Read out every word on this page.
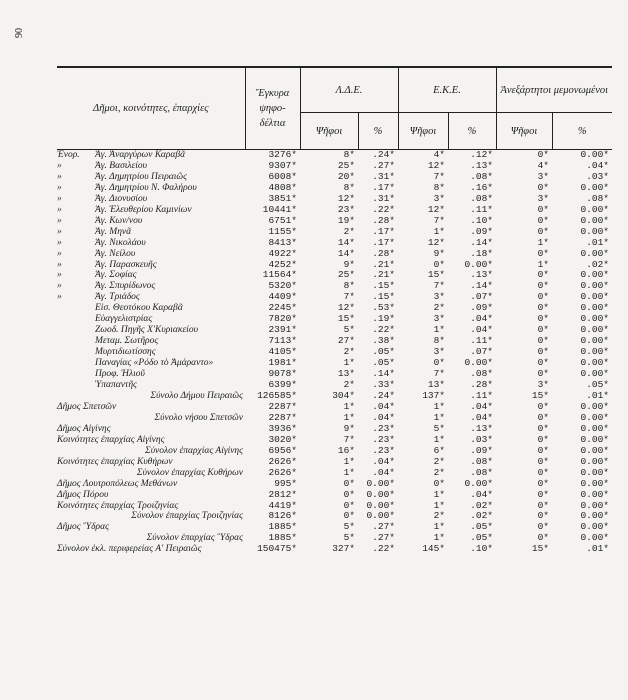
90
Δῆμοι, κοινότητες, ἐπαρχίες	Ἔγκυρα ψηφο-δέλτια	Λ.Δ.Ε.		Ε.Κ.Ε.		Ἀνεξάρτητοι μεμονωμένοι	
		Ψῆφοι	%	Ψῆφοι	%	Ψῆφοι	%
Ἐνορ. Ἁγ. Ἀναργύρων Καραβᾶ	3276*	8*	.24*	4*	.12*	0*	0.00*
» Ἁγ. Βασιλείου	9307*	25*	.27*	12*	.13*	4*	.04*
» Ἁγ. Δημητρίου Πειραιῶς	6008*	20*	.31*	7*	.08*	3*	.03*
» Ἁγ. Δημητρίου Ν. Φαλήρου	4808*	8*	.17*	8*	.16*	0*	0.00*
» Ἁγ. Διονυσίου	3851*	12*	.31*	3*	.08*	3*	.08*
» Ἁγ. Ἐλευθερίου Καμινίων	10441*	23*	.22*	12*	.11*	0*	0.00*
» Ἁγ. Κων/νου	6751*	19*	.28*	7*	.10*	0*	0.00*
» Ἁγ. Μηνᾶ	1155*	2*	.17*	1*	.09*	0*	0.00*
» Ἁγ. Νικολάου	8413*	14*	.17*	12*	.14*	1*	.01*
» Ἁγ. Νείλου	4922*	14*	.28*	9*	.18*	0*	0.00*
» Ἁγ. Παρασκευῆς	4252*	9*	.21*	0*	0.00*	1*	.02*
» Ἁγ. Σοφίας	11564*	25*	.21*	15*	.13*	0*	0.00*
» Ἁγ. Σπυρίδωνος	5320*	8*	.15*	7*	.14*	0*	0.00*
» Ἁγ. Τριάδος	4409*	7*	.15*	3*	.07*	0*	0.00*
Εἰσ. Θεοτόκου Καραβᾶ	2245*	12*	.53*	2*	.09*	0*	0.00*
Εὐαγγελιστρίας	7820*	15*	.19*	3*	.04*	0*	0.00*
Ζωοδ. Πηγῆς Χ'Κυριακείου	2391*	5*	.22*	1*	.04*	0*	0.00*
Μεταμ. Σωτῆρος	7113*	27*	.38*	8*	.11*	0*	0.00*
Μυρτιδιωτίσσης	4105*	2*	.05*	3*	.07*	0*	0.00*
Παναγίας «Ρόδο τὸ Ἀμάραντο»	1981*	1*	.05*	0*	0.00*	0*	0.00*
Προφ. Ἠλιοῦ	9078*	13*	.14*	7*	.08*	0*	0.00*
Ὑπαπαντῆς	6399*	2*	.33*	13*	.28*	3*	.05*
Σύνολο Δήμου Πειραιῶς	126585*	304*	.24*	137*	.11*	15*	.01*
Δῆμος Σπετσῶν	2287*	1*	.04*	1*	.04*	0*	0.00*
Σύνολο νήσου Σπετσῶν	2287*	1*	.04*	1*	.04*	0*	0.00*
Δῆμος Αἰγίνης	3936*	9*	.23*	5*	.13*	0*	0.00*
Κοινότητες ἐπαρχίας Αἰγίνης	3020*	7*	.23*	1*	.03*	0*	0.00*
Σύνολον ἐπαρχίας Αἰγίνης	6956*	16*	.23*	6*	.09*	0*	0.00*
Κοινότητες ἐπαρχίας Κυθήρων	2626*	1*	.04*	2*	.08*	0*	0.00*
Σύνολον ἐπαρχίας Κυθήρων	2626*	1*	.04*	2*	.08*	0*	0.00*
Δῆμος Λουτροπόλεως Μεθάνων	995*	0*	0.00*	0*	0.00*	0*	0.00*
Δῆμος Πόρου	2812*	0*	0.00*	1*	.04*	0*	0.00*
Κοινότητες ἐπαρχίας Τροιζηνίας	4419*	0*	0.00*	1*	.02*	0*	0.00*
Σύνολον ἐπαρχίας Τροιζηνίας	8126*	0*	0.00*	2*	.02*	0*	0.00*
Δῆμος Ὕδρας	1885*	5*	.27*	1*	.05*	0*	0.00*
Σύνολον ἐπαρχίας Ὕδρας	1885*	5*	.27*	1*	.05*	0*	0.00*
Σύνολον ἐκλ. περιφερείας Α' Πειραιῶς	150475*	327*	.22*	145*	.10*	15*	.01*
